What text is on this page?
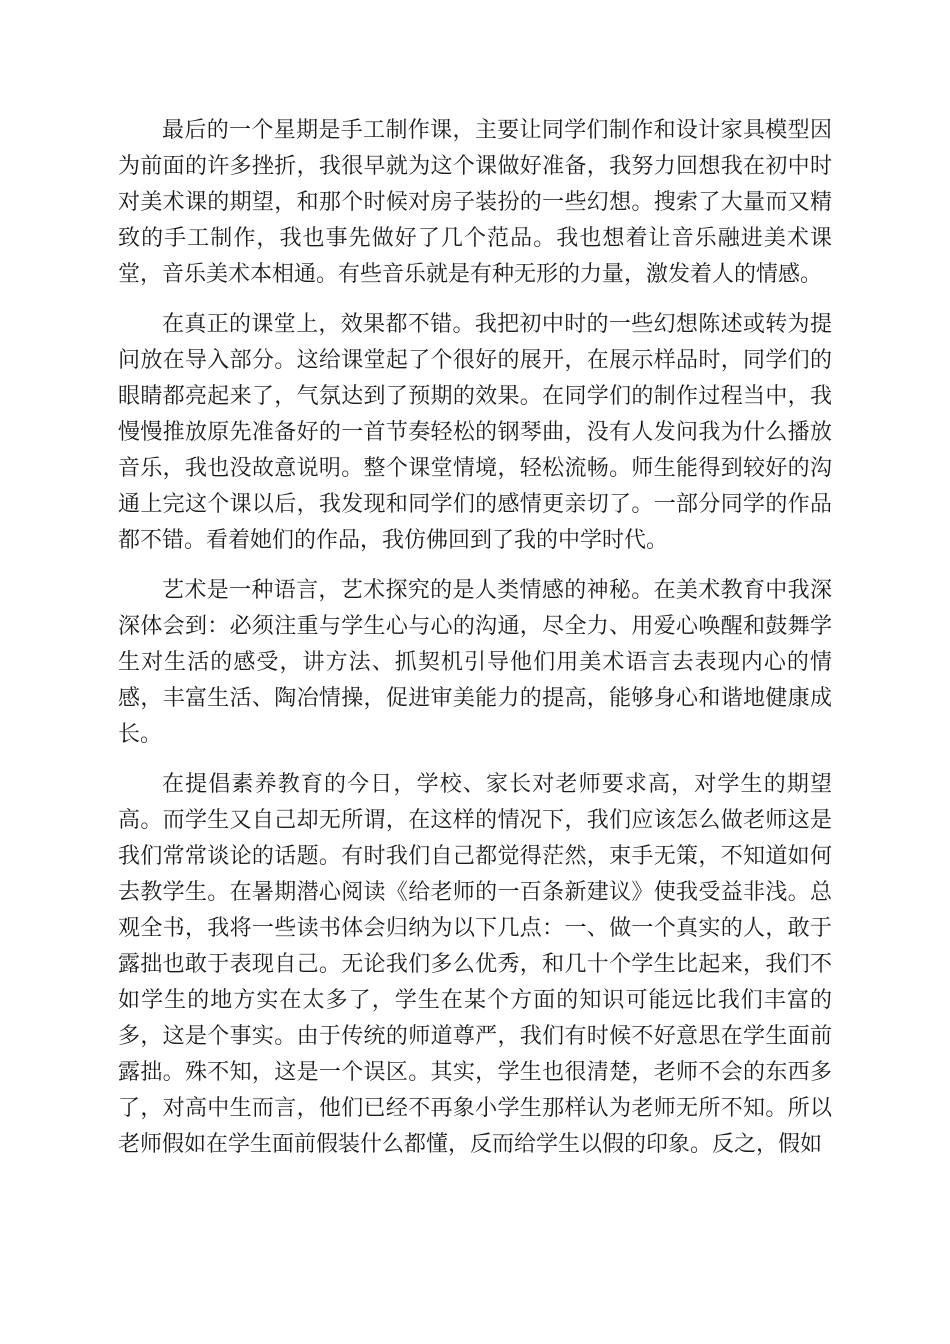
最后的一个星期是手工制作课，主要让同学们制作和设计家具模型因为前面的许多挫折，我很早就为这个课做好准备，我努力回想我在初中时对美术课的期望，和那个时候对房子装扮的一些幻想。搜索了大量而又精致的手工制作，我也事先做好了几个范品。我也想着让音乐融进美术课堂，音乐美术本相通。有些音乐就是有种无形的力量，激发着人的情感。

在真正的课堂上，效果都不错。我把初中时的一些幻想陈述或转为提问放在导入部分。这给课堂起了个很好的展开，在展示样品时，同学们的眼睛都亮起来了，气氛达到了预期的效果。在同学们的制作过程当中，我慢慢推放原先准备好的一首节奏轻松的钢琴曲，没有人发问我为什么播放音乐，我也没故意说明。整个课堂情境，轻松流畅。师生能得到较好的沟通上完这个课以后，我发现和同学们的感情更亲切了。一部分同学的作品都不错。看着她们的作品，我仿佛回到了我的中学时代。

艺术是一种语言，艺术探究的是人类情感的神秘。在美术教育中我深深体会到：必须注重与学生心与心的沟通，尽全力、用爱心唤醒和鼓舞学生对生活的感受，讲方法、抓契机引导他们用美术语言去表现内心的情感，丰富生活、陶冶情操，促进审美能力的提高，能够身心和谐地健康成长。

在提倡素养教育的今日，学校、家长对老师要求高，对学生的期望高。而学生又自己却无所谓，在这样的情况下，我们应该怎么做老师这是我们常常谈论的话题。有时我们自己都觉得茫然，束手无策，不知道如何去教学生。在暑期潜心阅读《给老师的一百条新建议》使我受益非浅。总观全书，我将一些读书体会归纳为以下几点：一、做一个真实的人，敢于露拙也敢于表现自己。无论我们多么优秀，和几十个学生比起来，我们不如学生的地方实在太多了，学生在某个方面的知识可能远比我们丰富的多，这是个事实。由于传统的师道尊严，我们有时候不好意思在学生面前露拙。殊不知，这是一个误区。其实，学生也很清楚，老师不会的东西多了，对高中生而言，他们已经不再象小学生那样认为老师无所不知。所以老师假如在学生面前假装什么都懂，反而给学生以假的印象。反之，假如
